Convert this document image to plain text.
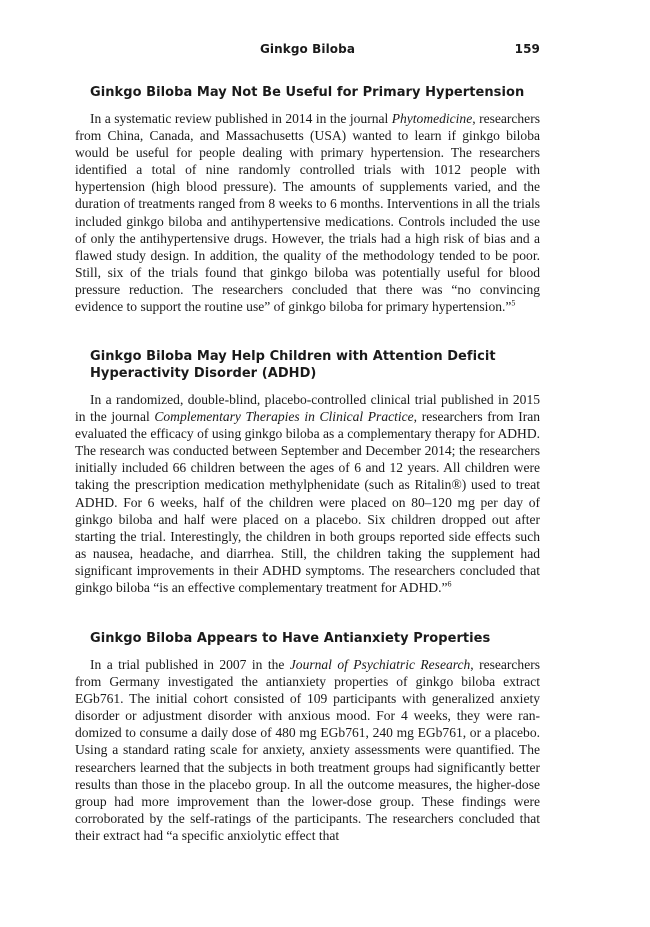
Ginkgo Biloba	159
Ginkgo Biloba May Not Be Useful for Primary Hypertension

In a systematic review published in 2014 in the journal Phytomedicine, researchers from China, Canada, and Massachusetts (USA) wanted to learn if ginkgo biloba would be useful for people dealing with primary hypertension. The researchers identified a total of nine randomly controlled trials with 1012 people with hypertension (high blood pressure). The amounts of supplements varied, and the duration of treatments ranged from 8 weeks to 6 months. Interventions in all the trials included ginkgo biloba and antihypertensive medications. Controls included the use of only the antihypertensive drugs. However, the trials had a high risk of bias and a flawed study design. In addition, the quality of the methodology tended to be poor. Still, six of the trials found that ginkgo biloba was potentially useful for blood pressure reduction. The researchers concluded that there was “no convincing evidence to support the routine use” of ginkgo biloba for primary hypertension.”$^5$

Ginkgo Biloba May Help Children with Attention Deficit
Hyperactivity Disorder (ADHD)

In a randomized, double-blind, placebo-controlled clinical trial published in 2015 in the journal Complementary Therapies in Clinical Practice, researchers from Iran evaluated the efficacy of using ginkgo biloba as a complementary therapy for ADHD. The research was conducted between September and December 2014; the researchers initially included 66 children between the ages of 6 and 12 years. All children were taking the prescription medication methylphenidate (such as Ritalin®) used to treat ADHD. For 6 weeks, half of the children were placed on 80–120 mg per day of ginkgo biloba and half were placed on a placebo. Six children dropped out after starting the trial. Interestingly, the children in both groups reported side effects such as nausea, headache, and diarrhea. Still, the children taking the supplement had significant improvements in their ADHD symptoms. The researchers concluded that ginkgo biloba “is an effective complementary treatment for ADHD.”$^6$

Ginkgo Biloba Appears to Have Antianxiety Properties

In a trial published in 2007 in the Journal of Psychiatric Research, researchers from Germany investigated the antianxiety properties of ginkgo biloba extract EGb761. The initial cohort consisted of 109 participants with generalized anxiety disorder or adjustment disorder with anxious mood. For 4 weeks, they were randomized to consume a daily dose of 480 mg EGb761, 240 mg EGb761, or a placebo. Using a standard rating scale for anxiety, anxiety assessments were quantified. The researchers learned that the subjects in both treatment groups had significantly better results than those in the placebo group. In all the outcome measures, the higher-dose group had more improvement than the lower-dose group. These findings were corroborated by the self-ratings of the participants. The researchers concluded that their extract had “a specific anxiolytic effect that
